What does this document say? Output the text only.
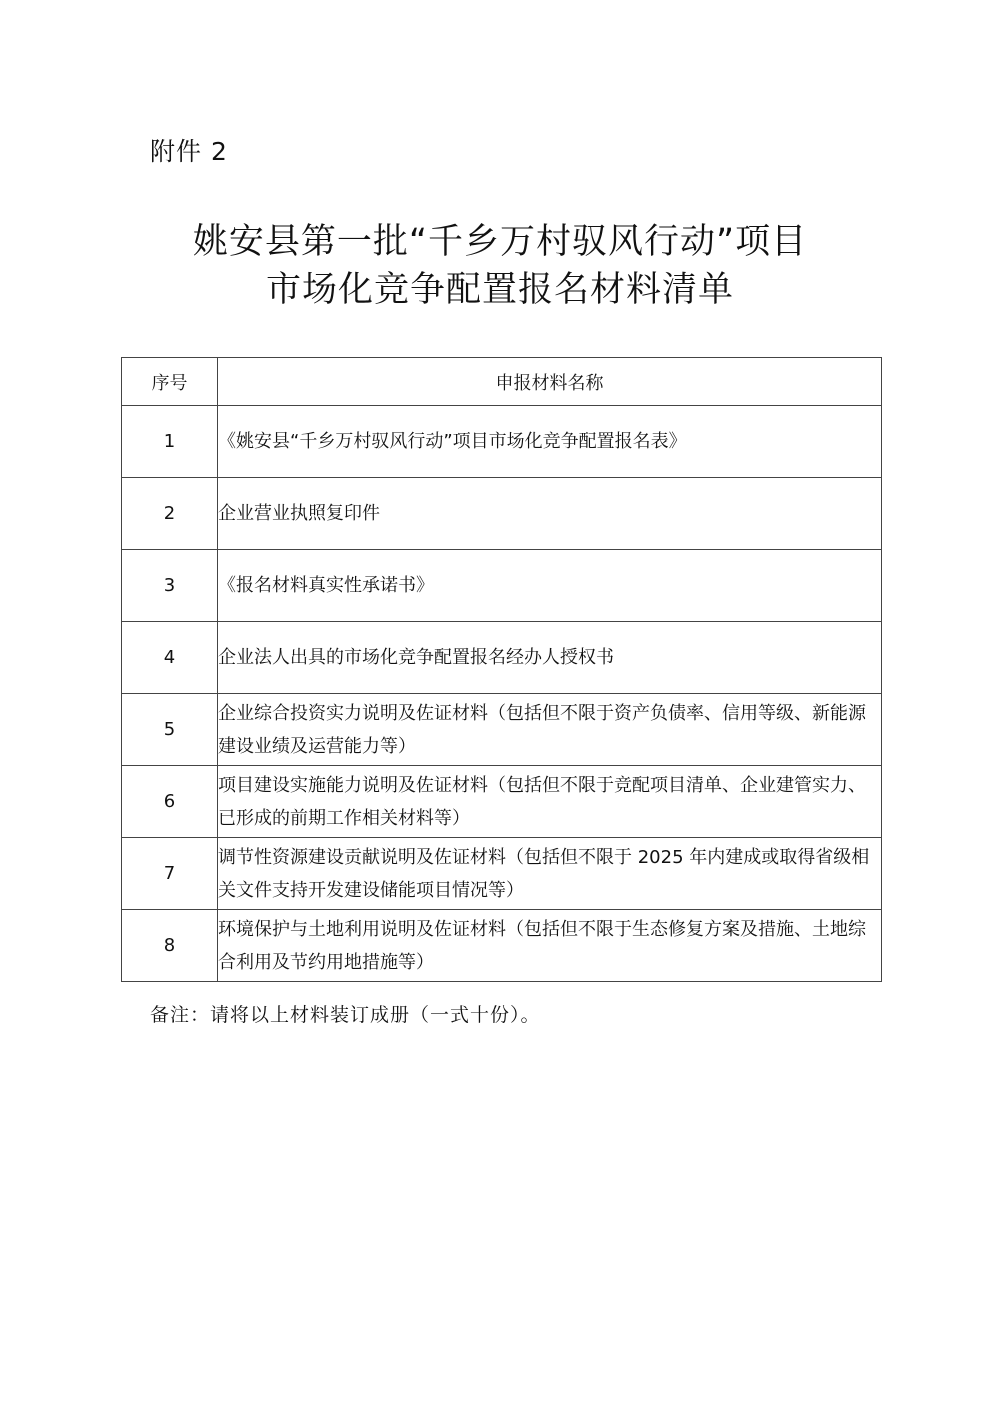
附件 2
姚安县第一批“千乡万村驭风行动”项目
市场化竞争配置报名材料清单
序号	申报材料名称
1	《姚安县“千乡万村驭风行动”项目市场化竞争配置报名表》
2	企业营业执照复印件
3	《报名材料真实性承诺书》
4	企业法人出具的市场化竞争配置报名经办人授权书
5	企业综合投资实力说明及佐证材料（包括但不限于资产负债率、信用等级、新能源建设业绩及运营能力等）
6	项目建设实施能力说明及佐证材料（包括但不限于竞配项目清单、企业建管实力、已形成的前期工作相关材料等）
7	调节性资源建设贡献说明及佐证材料（包括但不限于 2025 年内建成或取得省级相关文件支持开发建设储能项目情况等）
8	环境保护与土地利用说明及佐证材料（包括但不限于生态修复方案及措施、土地综合利用及节约用地措施等）
备注：请将以上材料装订成册（一式十份）。
